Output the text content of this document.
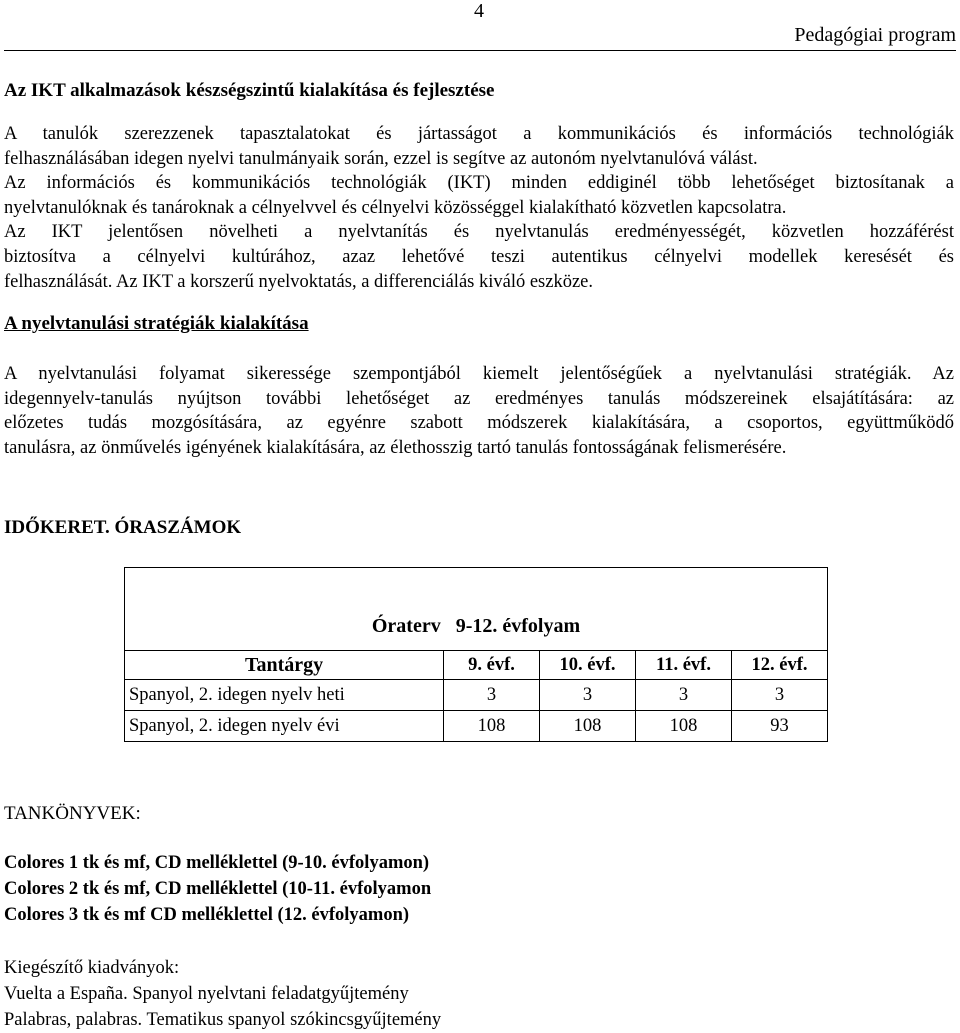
4
Pedagógiai program
Az IKT alkalmazások készségszintű kialakítása és fejlesztése
A tanulók szerezzenek tapasztalatokat és jártasságot a kommunikációs és információs technológiák
felhasználásában idegen nyelvi tanulmányaik során, ezzel is segítve az autonóm nyelvtanulóvá válást.
Az információs és kommunikációs technológiák (IKT) minden eddiginél több lehetőséget biztosítanak a
nyelvtanulóknak és tanároknak a célnyelvvel és célnyelvi közösséggel kialakítható közvetlen kapcsolatra.
Az IKT jelentősen növelheti a nyelvtanítás és nyelvtanulás eredményességét, közvetlen hozzáférést
biztosítva a célnyelvi kultúrához, azaz lehetővé teszi autentikus célnyelvi modellek keresését és
felhasználását. Az IKT a korszerű nyelvoktatás, a differenciálás kiváló eszköze.
A nyelvtanulási stratégiák kialakítása
A nyelvtanulási folyamat sikeressége szempontjából kiemelt jelentőségűek a nyelvtanulási stratégiák. Az
idegennyelv-tanulás nyújtson további lehetőséget az eredményes tanulás módszereinek elsajátítására: az
előzetes tudás mozgósítására, az egyénre szabott módszerek kialakítására, a csoportos, együttműködő
tanulásra, az önművelés igényének kialakítására, az élethosszig tartó tanulás fontosságának felismerésére.
IDŐKERET. ÓRASZÁMOK
Óraterv   9-12. évfolyam				
Tantárgy	9. évf.	10. évf.	11. évf.	12. évf.
Spanyol, 2. idegen nyelv heti	3	3	3	3
Spanyol, 2. idegen nyelv évi	108	108	108	93
TANKÖNYVEK:
Colores 1 tk és mf, CD melléklettel (9-10. évfolyamon)
Colores 2 tk és mf, CD melléklettel (10-11. évfolyamon
Colores 3 tk és mf CD melléklettel (12. évfolyamon)
Kiegészítő kiadványok:
Vuelta a España. Spanyol nyelvtani feladatgyűjtemény
Palabras, palabras. Tematikus spanyol szókincsgyűjtemény
